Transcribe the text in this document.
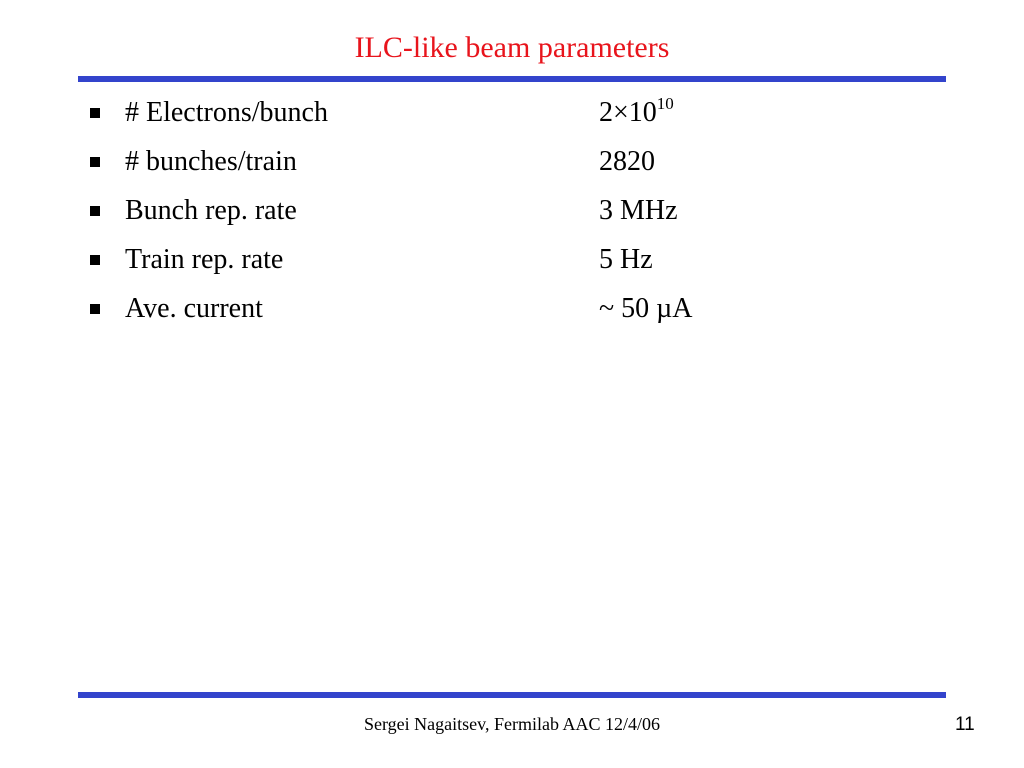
ILC-like beam parameters
# Electrons/bunch	$2\times 10^{10}$
# bunches/train	2820
Bunch rep. rate	3 MHz
Train rep. rate	5 Hz
Ave. current	~ 50 µA
Sergei Nagaitsev, Fermilab AAC 12/4/06	11
